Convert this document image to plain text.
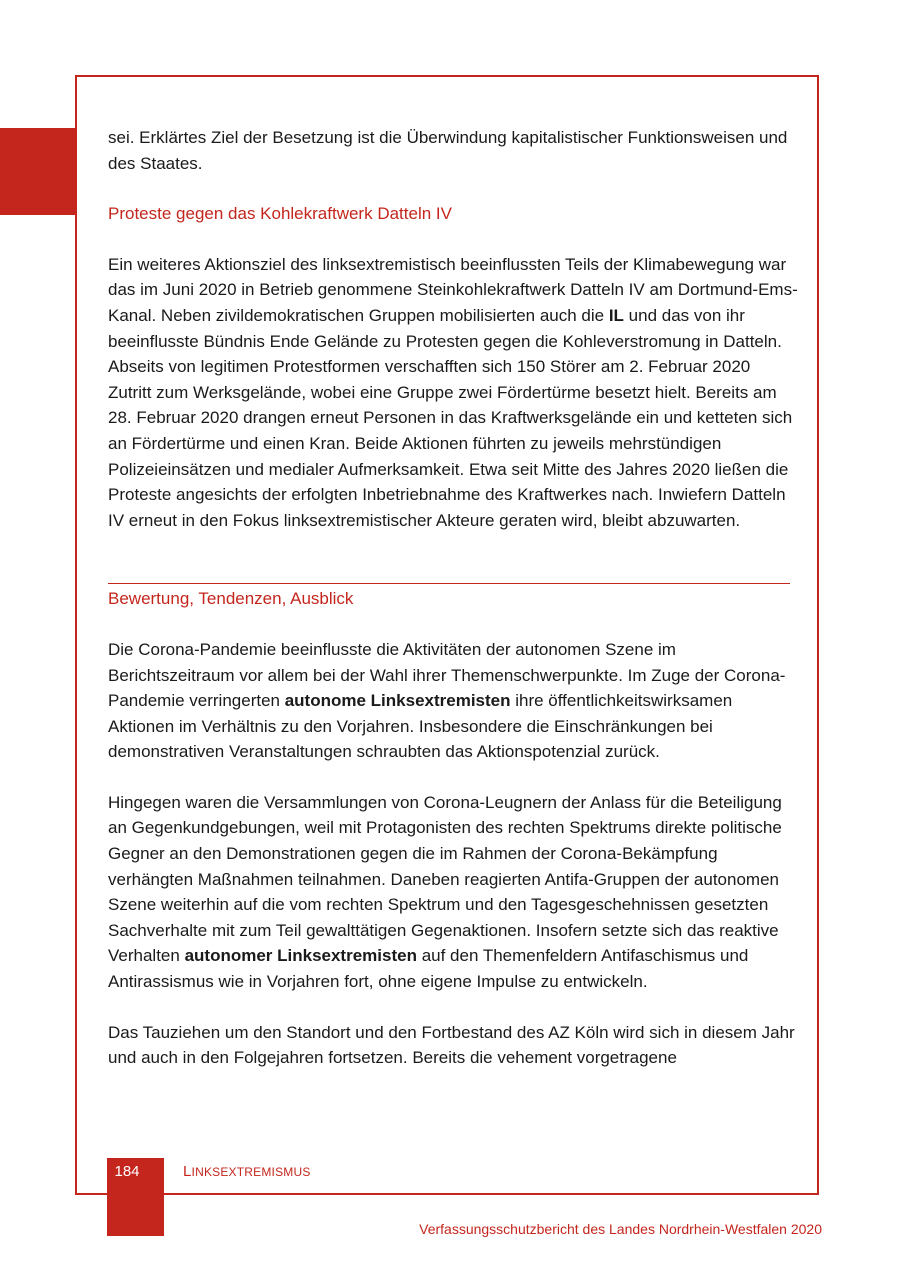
sei. Erklärtes Ziel der Besetzung ist die Überwindung kapitalistischer Funktionsweisen und des Staates.

Proteste gegen das Kohlekraftwerk Datteln IV

Ein weiteres Aktionsziel des linksextremistisch beeinflussten Teils der Klimabewegung war das im Juni 2020 in Betrieb genommene Steinkohlekraftwerk Datteln IV am Dortmund-Ems-Kanal. Neben zivildemokratischen Gruppen mobilisierten auch die IL und das von ihr beeinflusste Bündnis Ende Gelände zu Protesten gegen die Kohleverstromung in Datteln. Abseits von legitimen Protestformen verschafften sich 150 Störer am 2. Februar 2020 Zutritt zum Werksgelände, wobei eine Gruppe zwei Fördertürme besetzt hielt. Bereits am 28. Februar 2020 drangen erneut Personen in das Kraftwerksgelände ein und ketteten sich an Fördertürme und einen Kran. Beide Aktionen führten zu jeweils mehrstündigen Polizeieinsätzen und medialer Aufmerksamkeit. Etwa seit Mitte des Jahres 2020 ließen die Proteste angesichts der erfolgten Inbetriebnahme des Kraftwerkes nach. Inwiefern Datteln IV erneut in den Fokus linksextremistischer Akteure geraten wird, bleibt abzuwarten.

Bewertung, Tendenzen, Ausblick

Die Corona-Pandemie beeinflusste die Aktivitäten der autonomen Szene im Berichtszeitraum vor allem bei der Wahl ihrer Themenschwerpunkte. Im Zuge der Corona-Pandemie verringerten autonome Linksextremisten ihre öffentlichkeitswirksamen Aktionen im Verhältnis zu den Vorjahren. Insbesondere die Einschränkungen bei demonstrativen Veranstaltungen schraubten das Aktionspotenzial zurück.

Hingegen waren die Versammlungen von Corona-Leugnern der Anlass für die Beteiligung an Gegenkundgebungen, weil mit Protagonisten des rechten Spektrums direkte politische Gegner an den Demonstrationen gegen die im Rahmen der Corona-Bekämpfung verhängten Maßnahmen teilnahmen. Daneben reagierten Antifa-Gruppen der autonomen Szene weiterhin auf die vom rechten Spektrum und den Tagesgeschehnissen gesetzten Sachverhalte mit zum Teil gewalttätigen Gegenaktionen. Insofern setzte sich das reaktive Verhalten autonomer Linksextremisten auf den Themenfeldern Antifaschismus und Antirassismus wie in Vorjahren fort, ohne eigene Impulse zu entwickeln.

Das Tauziehen um den Standort und den Fortbestand des AZ Köln wird sich in diesem Jahr und auch in den Folgejahren fortsetzen. Bereits die vehement vorgetragene

184	LINKSEXTREMISMUS
Verfassungsschutzbericht des Landes Nordrhein-Westfalen 2020
